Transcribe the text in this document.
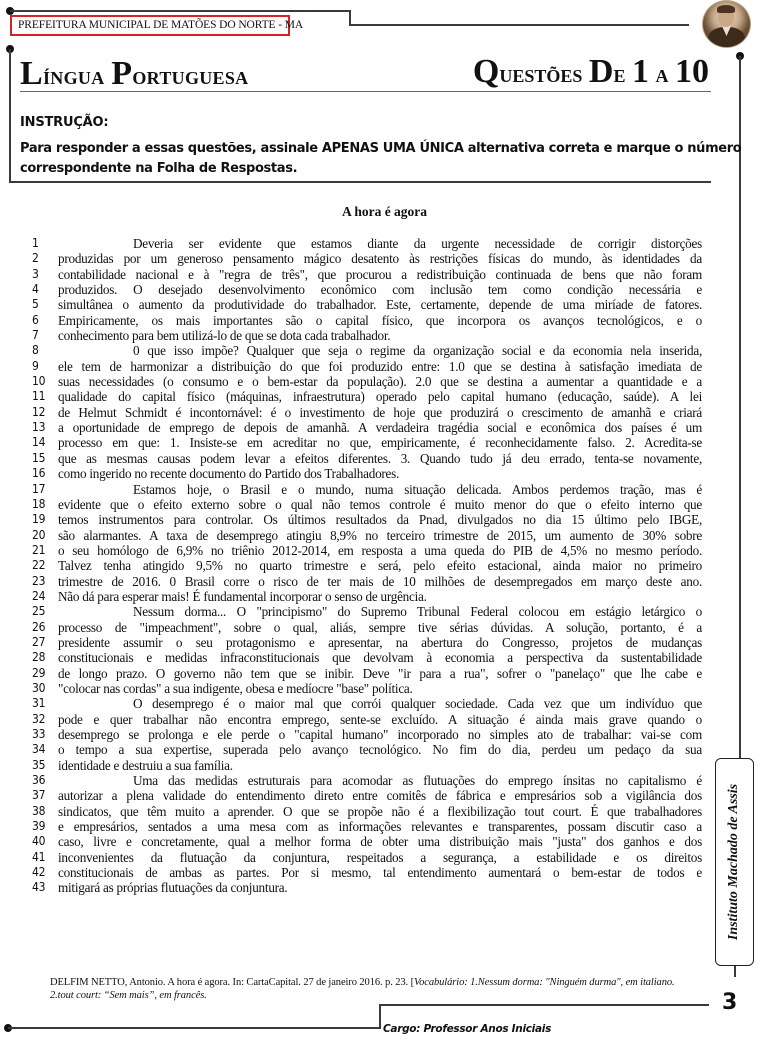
PREFEITURA MUNICIPAL DE MATÕES DO NORTE - MA
Língua Portuguesa	Questões De 1 a 10
INSTRUÇÃO:
Para responder a essas questões, assinale APENAS UMA ÚNICA alternativa correta e marque o número correspondente na Folha de Respostas.
A hora é agora
1	Deveria ser evidente que estamos diante da urgente necessidade de corrigir distorções
2	produzidas por um generoso pensamento mágico desatento às restrições físicas do mundo, às identidades da
3	contabilidade nacional e à "regra de três", que procurou a redistribuição continuada de bens que não foram
4	produzidos. O desejado desenvolvimento econômico com inclusão tem como condição necessária e
5	simultânea o aumento da produtividade do trabalhador. Este, certamente, depende de uma miríade de fatores.
6	Empiricamente, os mais importantes são o capital físico, que incorpora os avanços tecnológicos, e o
7	conhecimento para bem utilizá-lo de que se dota cada trabalhador.
8	0 que isso impõe? Qualquer que seja o regime da organização social e da economia nela inserida,
9	ele tem de harmonizar a distribuição do que foi produzido entre: 1.0 que se destina à satisfação imediata de
10 suas necessidades (o consumo e o bem-estar da população). 2.0 que se destina a aumentar a quantidade e a
11 qualidade do capital físico (máquinas, infraestrutura) operado pelo capital humano (educação, saúde). A lei
12 de Helmut Schmidt é incontornável: é o investimento de hoje que produzirá o crescimento de amanhã e criará
13 a oportunidade de emprego de depois de amanhã. A verdadeira tragédia social e econômica dos países é um
14 processo em que: 1. Insiste-se em acreditar no que, empiricamente, é reconhecidamente falso. 2. Acredita-se
15 que as mesmas causas podem levar a efeitos diferentes. 3. Quando tudo já deu errado, tenta-se novamente,
16 como ingerido no recente documento do Partido dos Trabalhadores.
17	Estamos hoje, o Brasil e o mundo, numa situação delicada. Ambos perdemos tração, mas é
18 evidente que o efeito externo sobre o qual não temos controle é muito menor do que o efeito interno que
19 temos instrumentos para controlar. Os últimos resultados da Pnad, divulgados no dia 15 último pelo IBGE,
20 são alarmantes. A taxa de desemprego atingiu 8,9% no terceiro trimestre de 2015, um aumento de 30% sobre
21 o seu homólogo de 6,9% no triênio 2012-2014, em resposta a uma queda do PIB de 4,5% no mesmo período.
22 Talvez tenha atingido 9,5% no quarto trimestre e será, pelo efeito estacional, ainda maior no primeiro
23 trimestre de 2016. 0 Brasil corre o risco de ter mais de 10 milhões de desempregados em março deste ano.
24 Não dá para esperar mais! É fundamental incorporar o senso de urgência.
25	Nessum dorma... O "principismo" do Supremo Tribunal Federal colocou em estágio letárgico o
26 processo de "impeachment", sobre o qual, aliás, sempre tive sérias dúvidas. A solução, portanto, é a
27 presidente assumir o seu protagonismo e apresentar, na abertura do Congresso, projetos de mudanças
28 constitucionais e medidas infraconstitucionais que devolvam à economia a perspectiva da sustentabilidade
29 de longo prazo. O governo não tem que se inibir. Deve "ir para a rua", sofrer o "panelaço" que lhe cabe e
30 "colocar nas cordas" a sua indigente, obesa e medíocre "base" política.
31	O desemprego é o maior mal que corrói qualquer sociedade. Cada vez que um indivíduo que
32 pode e quer trabalhar não encontra emprego, sente-se excluído. A situação é ainda mais grave quando o
33 desemprego se prolonga e ele perde o "capital humano" incorporado no simples ato de trabalhar: vai-se com
34 o tempo a sua expertise, superada pelo avanço tecnológico. No fim do dia, perdeu um pedaço da sua
35 identidade e destruiu a sua família.
36	Uma das medidas estruturais para acomodar as flutuações do emprego ínsitas no capitalismo é
37 autorizar a plena validade do entendimento direto entre comitês de fábrica e empresários sob a vigilância dos
38 sindicatos, que têm muito a aprender. O que se propõe não é a flexibilização tout court. É que trabalhadores
39 e empresários, sentados a uma mesa com as informações relevantes e transparentes, possam discutir caso a
40 caso, livre e concretamente, qual a melhor forma de obter uma distribuição mais "justa" dos ganhos e dos
41 inconvenientes da flutuação da conjuntura, respeitados a segurança, a estabilidade e os direitos
42 constitucionais de ambas as partes. Por si mesmo, tal entendimento aumentará o bem-estar de todos e
43 mitigará as próprias flutuações da conjuntura.
DELFIM NETTO, Antonio. A hora é agora. In: CartaCapital. 27 de janeiro 2016. p. 23. [Vocabulário: 1.Nessum dorma: "Ninguém durma", em italiano. 2.tout court: “Sem mais”, em francês.
Instituto Machado de Assis
3
Cargo: Professor Anos Iniciais
